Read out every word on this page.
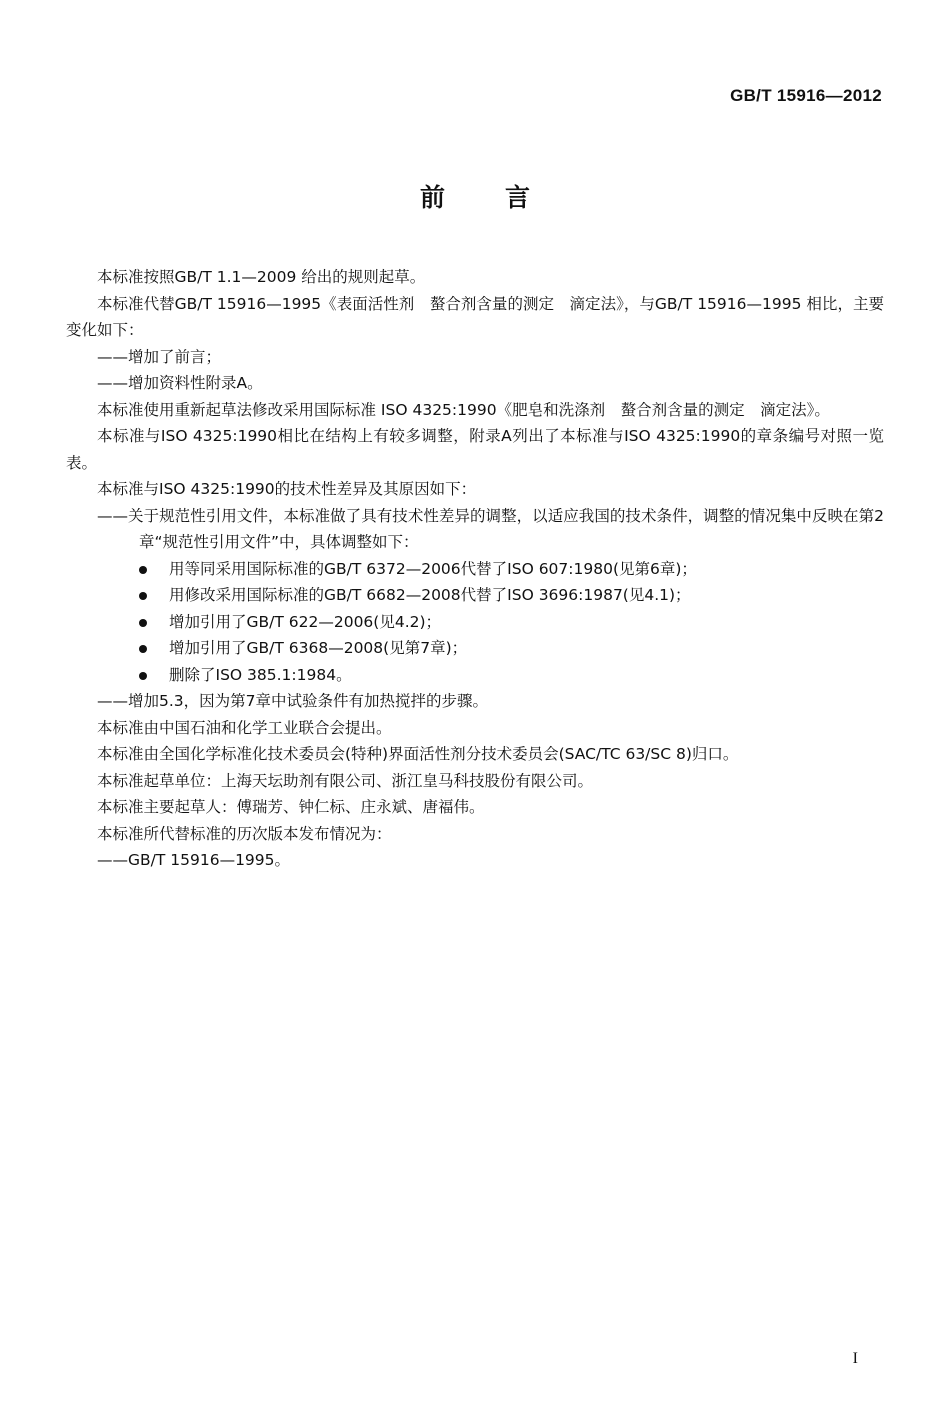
GB/T 15916—2012
前言

本标准按照GB/T 1.1—2009 给出的规则起草。

本标准代替GB/T 15916—1995《表面活性剂　螯合剂含量的测定　滴定法》，与GB/T 15916—1995 相比，主要变化如下：

——增加了前言；

——增加资料性附录A。

本标准使用重新起草法修改采用国际标准 ISO 4325:1990《肥皂和洗涤剂　螯合剂含量的测定　滴定法》。

本标准与ISO 4325:1990相比在结构上有较多调整，附录A列出了本标准与ISO 4325:1990的章条编号对照一览表。

本标准与ISO 4325:1990的技术性差异及其原因如下：

——关于规范性引用文件，本标准做了具有技术性差异的调整，以适应我国的技术条件，调整的情况集中反映在第2章“规范性引用文件”中，具体调整如下：

用等同采用国际标准的GB/T 6372—2006代替了ISO 607:1980(见第6章)；
用修改采用国际标准的GB/T 6682—2008代替了ISO 3696:1987(见4.1)；
增加引用了GB/T 622—2006(见4.2)；
增加引用了GB/T 6368—2008(见第7章)；
删除了ISO 385.1:1984。

——增加5.3，因为第7章中试验条件有加热搅拌的步骤。

本标准由中国石油和化学工业联合会提出。

本标准由全国化学标准化技术委员会(特种)界面活性剂分技术委员会(SAC/TC 63/SC 8)归口。

本标准起草单位：上海天坛助剂有限公司、浙江皇马科技股份有限公司。

本标准主要起草人：傅瑞芳、钟仁标、庄永斌、唐福伟。

本标准所代替标准的历次版本发布情况为：

——GB/T 15916—1995。

I
